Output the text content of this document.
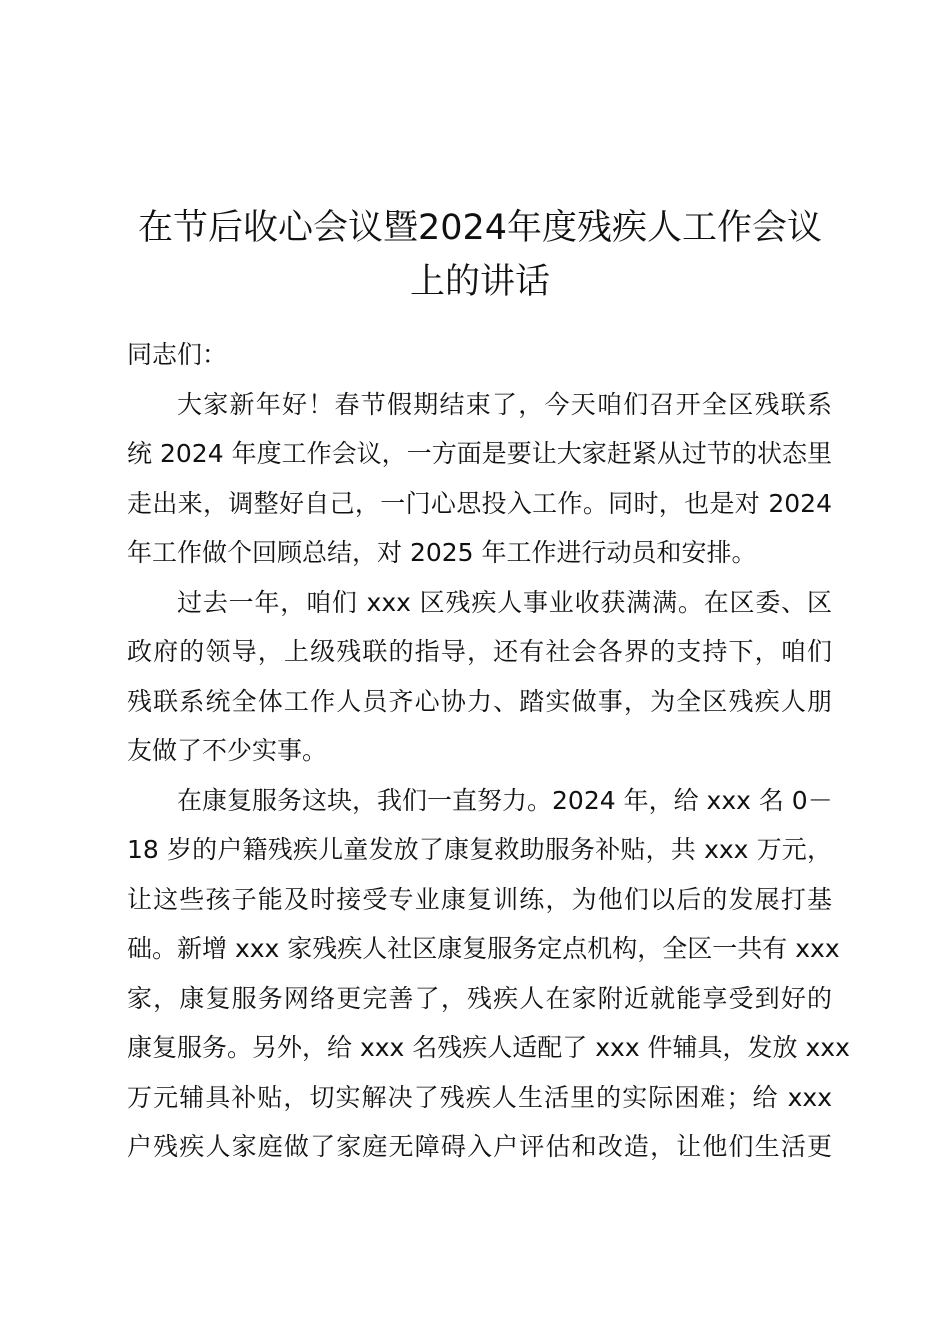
在节后收心会议暨2024年度残疾人工作会议
上的讲话
同志们：
大家新年好！春节假期结束了，今天咱们召开全区残联系
统 2024 年度工作会议，一方面是要让大家赶紧从过节的状态里
走出来，调整好自己，一门心思投入工作。同时，也是对 2024
年工作做个回顾总结，对 2025 年工作进行动员和安排。
过去一年，咱们 xxx 区残疾人事业收获满满。在区委、区
政府的领导，上级残联的指导，还有社会各界的支持下，咱们
残联系统全体工作人员齐心协力、踏实做事，为全区残疾人朋
友做了不少实事。
在康复服务这块，我们一直努力。2024 年，给 xxx 名 0－
18 岁的户籍残疾儿童发放了康复救助服务补贴，共 xxx 万元，
让这些孩子能及时接受专业康复训练，为他们以后的发展打基
础。新增 xxx 家残疾人社区康复服务定点机构，全区一共有 xxx
家，康复服务网络更完善了，残疾人在家附近就能享受到好的
康复服务。另外，给 xxx 名残疾人适配了 xxx 件辅具，发放 xxx
万元辅具补贴，切实解决了残疾人生活里的实际困难；给 xxx
户残疾人家庭做了家庭无障碍入户评估和改造，让他们生活更
